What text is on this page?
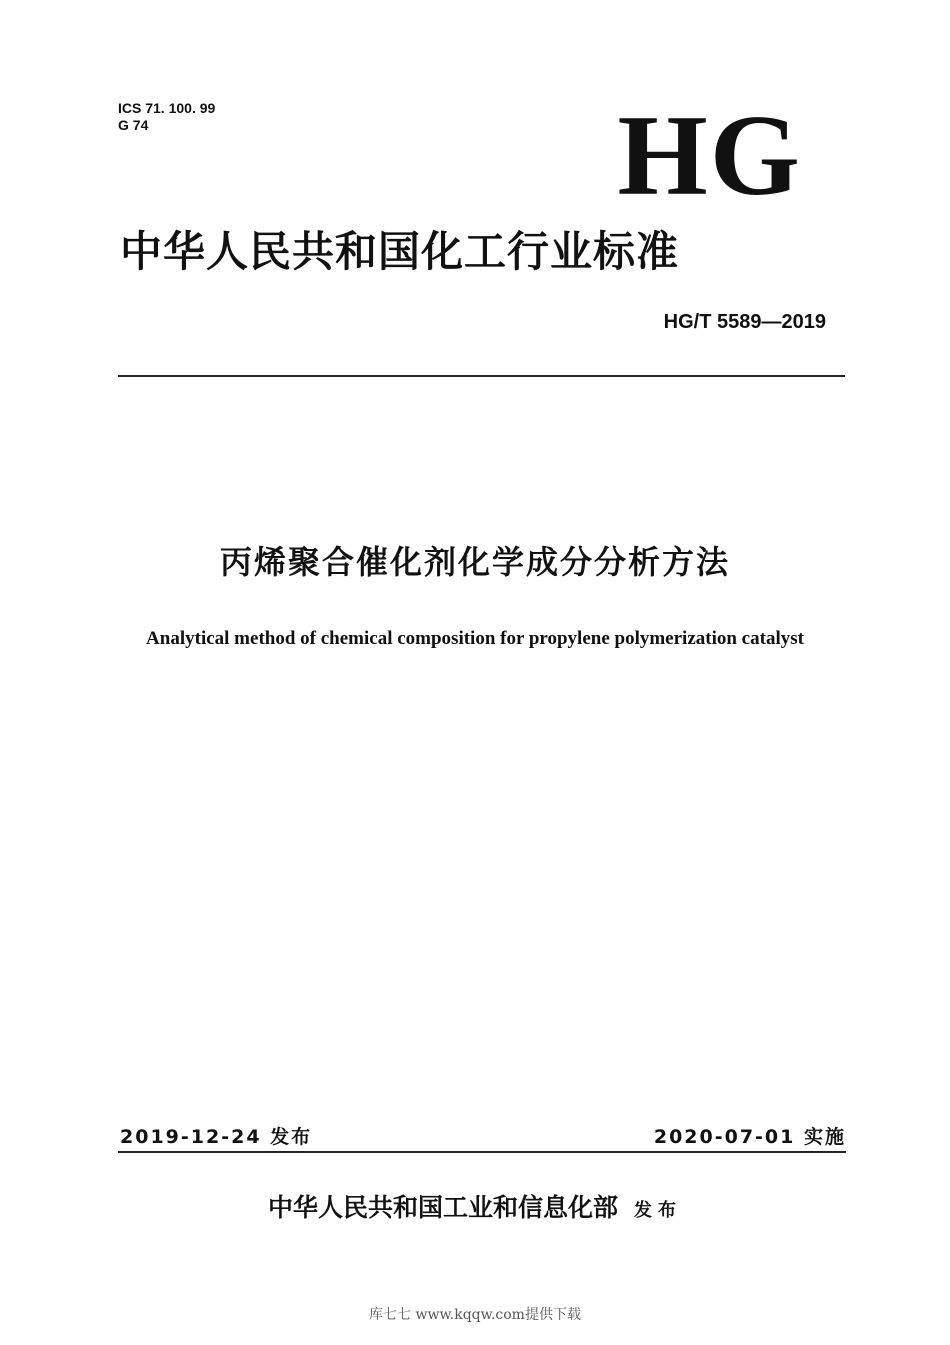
ICS 71. 100. 99
G 74	HG
中华人民共和国化工行业标准
HG/T 5589—2019
丙烯聚合催化剂化学成分分析方法
Analytical method of chemical composition for propylene polymerization catalyst
2019-12-24 发布	2020-07-01 实施
中华人民共和国工业和信息化部 发布
库七七 www.kqqw.com提供下载
